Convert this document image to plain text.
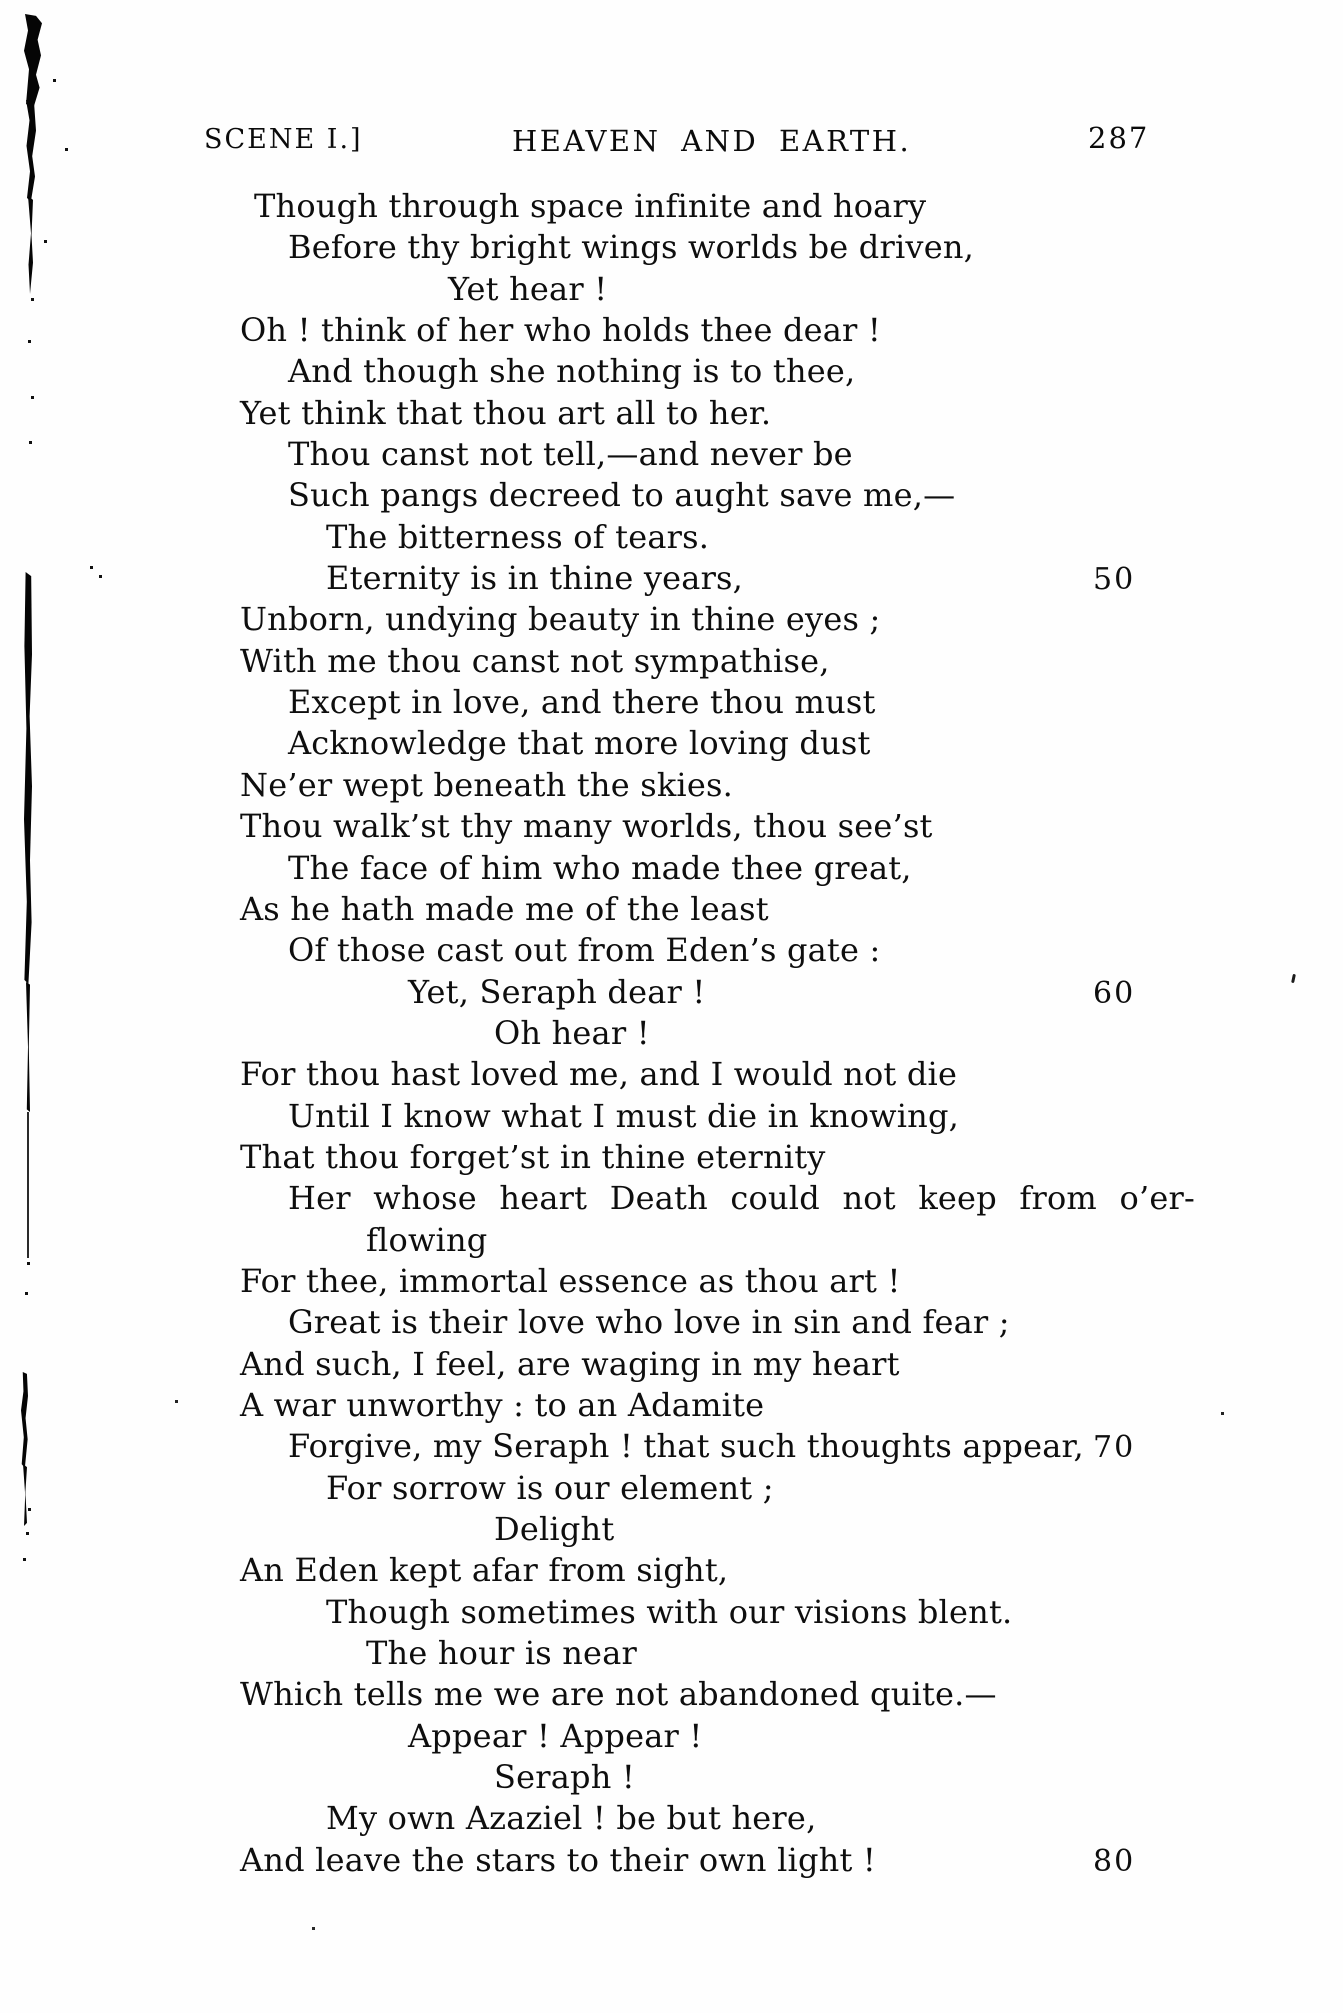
SCENE I.]	HEAVEN AND EARTH.	287
Though through space infinite and hoary
Before thy bright wings worlds be driven,
Yet hear !
Oh ! think of her who holds thee dear !
And though she nothing is to thee,
Yet think that thou art all to her.
Thou canst not tell,—and never be
Such pangs decreed to aught save me,—
The bitterness of tears.
Eternity is in thine years,	50
Unborn, undying beauty in thine eyes ;
With me thou canst not sympathise,
Except in love, and there thou must
Acknowledge that more loving dust
Ne’er wept beneath the skies.
Thou walk’st thy many worlds, thou see’st
The face of him who made thee great,
As he hath made me of the least
Of those cast out from Eden’s gate :
Yet, Seraph dear !	60
Oh hear !
For thou hast loved me, and I would not die
Until I know what I must die in knowing,
That thou forget’st in thine eternity
Her whose heart Death could not keep from o’er-
flowing
For thee, immortal essence as thou art !
Great is their love who love in sin and fear ;
And such, I feel, are waging in my heart
A war unworthy : to an Adamite
Forgive, my Seraph ! that such thoughts appear, 70
For sorrow is our element ;
Delight
An Eden kept afar from sight,
Though sometimes with our visions blent.
The hour is near
Which tells me we are not abandoned quite.—
Appear ! Appear !
Seraph !
My own Azaziel ! be but here,
And leave the stars to their own light !	80
